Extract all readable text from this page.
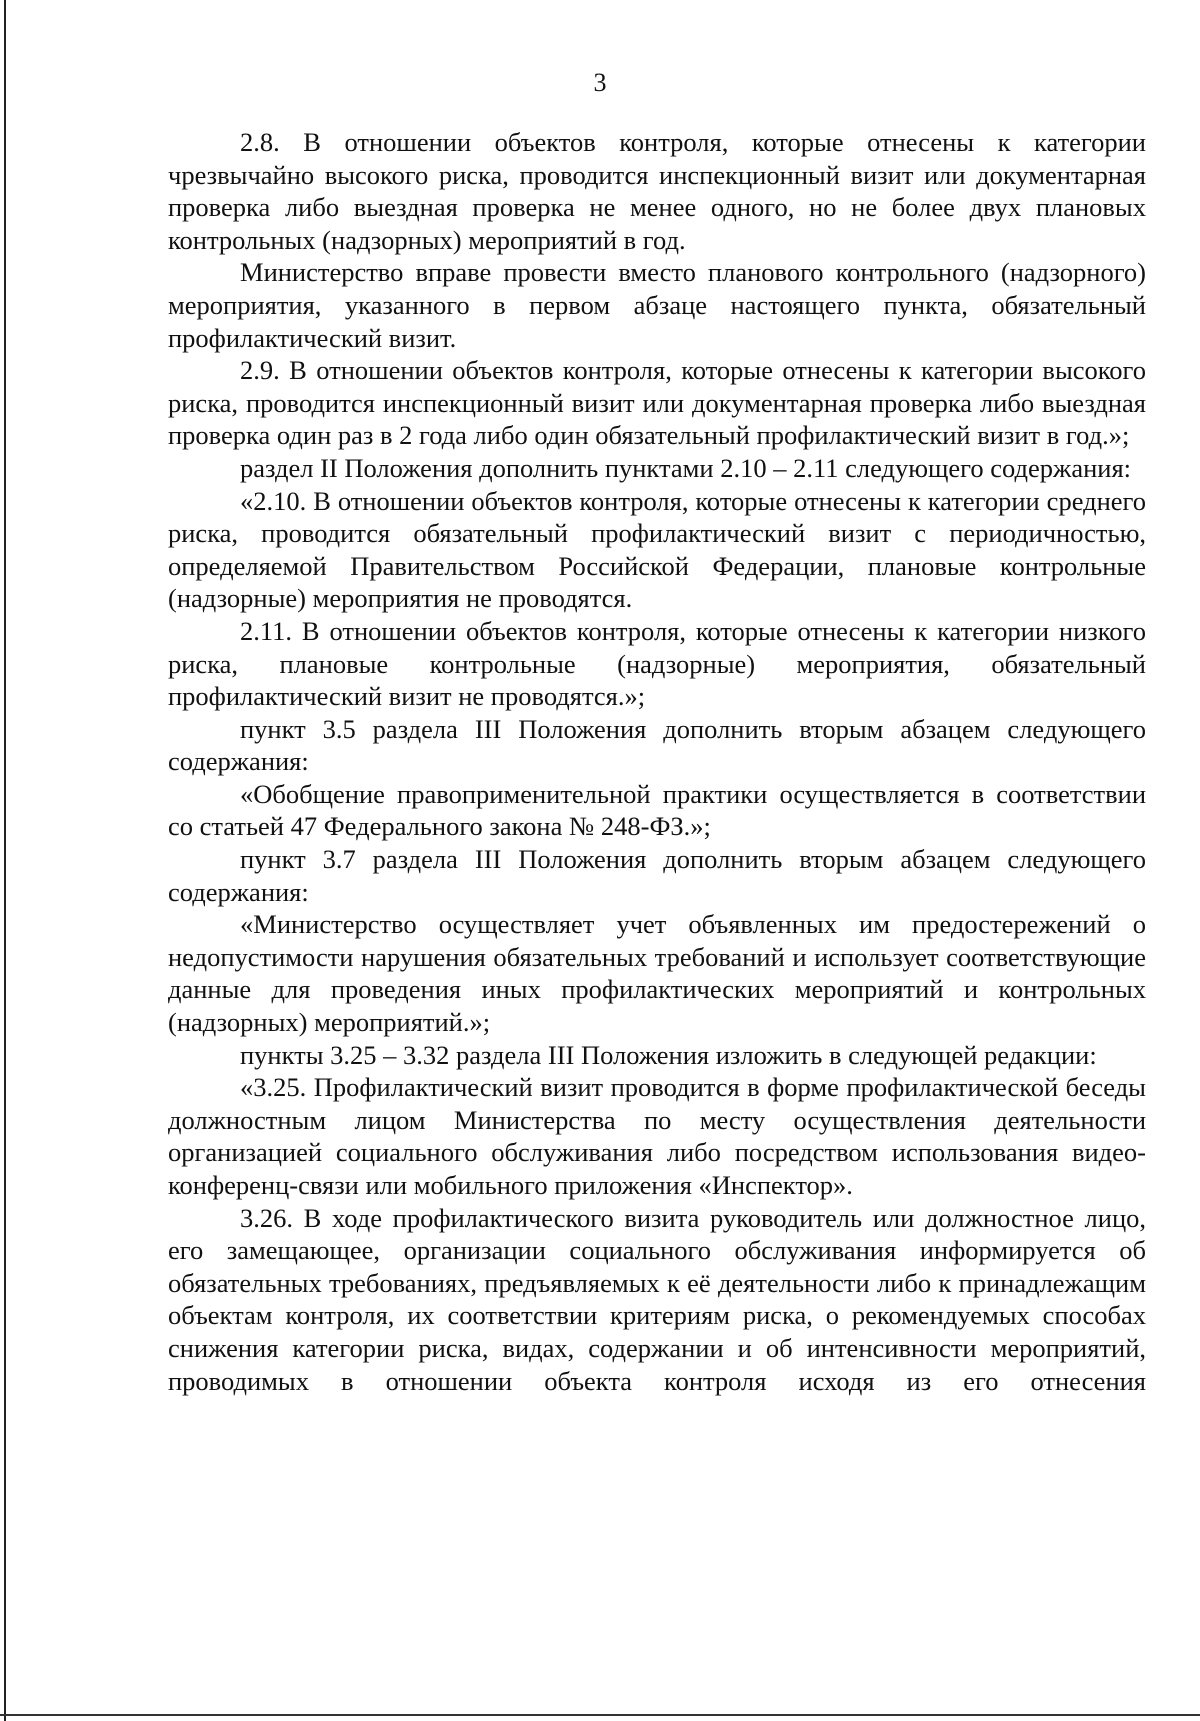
3

2.8. В отношении объектов контроля, которые отнесены к категории чрезвычайно высокого риска, проводится инспекционный визит или документарная проверка либо выездная проверка не менее одного, но не более двух плановых контрольных (надзорных) мероприятий в год.

Министерство вправе провести вместо планового контрольного (надзорного) мероприятия, указанного в первом абзаце настоящего пункта, обязательный профилактический визит.

2.9. В отношении объектов контроля, которые отнесены к категории высокого риска, проводится инспекционный визит или документарная проверка либо выездная проверка один раз в 2 года либо один обязательный профилактический визит в год.»;

раздел II Положения дополнить пунктами 2.10 – 2.11 следующего содержания:

«2.10. В отношении объектов контроля, которые отнесены к категории среднего риска, проводится обязательный профилактический визит с периодичностью, определяемой Правительством Российской Федерации, плановые контрольные (надзорные) мероприятия не проводятся.

2.11. В отношении объектов контроля, которые отнесены к категории низкого риска, плановые контрольные (надзорные) мероприятия, обязательный профилактический визит не проводятся.»;

пункт 3.5 раздела III Положения дополнить вторым абзацем следующего содержания:

«Обобщение правоприменительной практики осуществляется в соответствии со статьей 47 Федерального закона № 248-ФЗ.»;

пункт 3.7 раздела III Положения дополнить вторым абзацем следующего содержания:

«Министерство осуществляет учет объявленных им предостережений о недопустимости нарушения обязательных требований и использует соответствующие данные для проведения иных профилактических мероприятий и контрольных (надзорных) мероприятий.»;

пункты 3.25 – 3.32 раздела III Положения изложить в следующей редакции:

«3.25. Профилактический визит проводится в форме профилактической беседы должностным лицом Министерства по месту осуществления деятельности организацией социального обслуживания либо посредством использования видео-конференц-связи или мобильного приложения «Инспектор».

3.26. В ходе профилактического визита руководитель или должностное лицо, его замещающее, организации социального обслуживания информируется об обязательных требованиях, предъявляемых к её деятельности либо к принадлежащим объектам контроля, их соответствии критериям риска, о рекомендуемых способах снижения категории риска, видах, содержании и об интенсивности мероприятий, проводимых в отношении объекта контроля исходя из его отнесения
